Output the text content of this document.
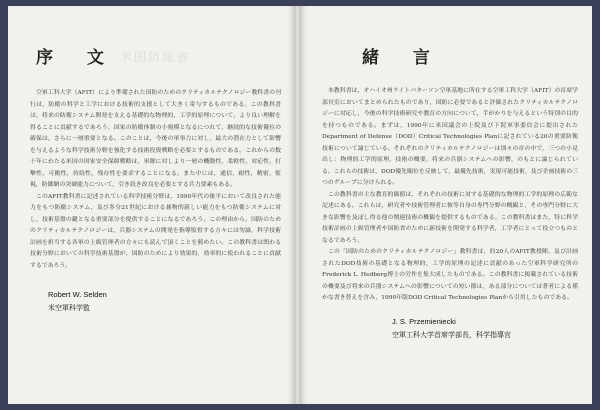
序 文 米国防総省

空軍工科大学（AFIT）により準備された国防のためのクリティカルテクノロジー教科書の刊行は，防衛の科学と工学における技術的支援として大きく寄与するものである。この教科書は，将来の防衛システム開発を支える基礎的な物理的，工学的原理について，より良い理解を得ることに貢献するであろう。国家の防衛体制の小規模となるにつれて，継続的な技術優位の確保は，さらに一層重要となる。このことは，今後の軍事力に対し，最大の潜在力として影響を与えるような科学技術分野を強化する技術投資戦略を必要とするものである。これからの数十年にわたる米国の国家安全保障戦略は，軍隊に対しより一層の機動性，柔軟性，対応性，打撃性，可搬性，持続性，残存性を要求することになる。また中には，通信，耐性，精密，監視，防御網の突破能力について，引き続き改良を必要とする兵力要素もある。

このAFIT教科書に記述されている科学技術分野は，1990年代の後半において改良された能力をもつ防衛システム，及び多分21世紀における兼物的新しい能力をもつ防衛システムに対し，技術基盤の鍵となる重要部分を提供することになるであろう。この理由から，国防のためのクリティカルテクノロジーは，兵器システムの開発を指導監督する方々には勿論，科学技術計画を担当する各軍の上級管理者の方々にも読んで頂くことを薦めたい。この教科書は関わる技術分野においての科学技術基盤が，国防のためにより効果的，効率的に使われることに貢献するであろう。

Robert W. Selden
米空軍科学監
緒 言

本教科書は，オハイオ州ライトパターソン空軍基地に所在する空軍工科大学（AFIT）の首席学部長室においてまとめられたものであり，国防に必要であると評価されたクリティカルテクノロジーに対応し，今後の科学技術研究や教育の方向について，手がかりを与えるという特別の目的を持つものである。まずは，1990年に米国議会の上院及び下院軍事委員会に提出されたDepartment of Defense（DOD）Critical Technologies Planに記されている20の重要防衛技術について論じている。それぞれのクリティカルテクノロジーは別々の章の中で，三つの小見出し：物理的工学的原理，技術の概要，将来の兵器システムへの影響，のもとに論じられている。これらの技術は，DOD優先順位を反映して，最優先技術，実現可能技術，及び企画技術の三つのグループに分けられる。

この教科書の主な教育的価値は，それぞれの技術に対する基礎的な物理的工学的原理の広範な記述にある。これらは，研究者や技術管理者に彼等自身の専門分野の概観と，その専門分野に大きな影響を及ぼし得る他の関連技術の概観を提供するものである。この教科書はまた，特に科学技術計画の上級管理者や国防省のために新技術を開発する科学者，工学者にとって役立つものとなるであろう。

この「国防のためのクリティカルテクノロジー」教科書は，約20人のAFIT教授陣，及び計画されたDOD技術の基礎となる物理的，工学的原理の記述に貢献のあった空軍科学研究所のFrederick L. Hedberg博士の労作を集大成したものである。この教科書に掲載されている技術の概要及び将来の兵器システムへの影響についての短い節は，ある部分については著者による僅かな書き替えを含み，1990年版DOD Critical Technologies Planから引用したものである。

J. S. Przemieniecki
空軍工科大学首席学部長，科学指導官
